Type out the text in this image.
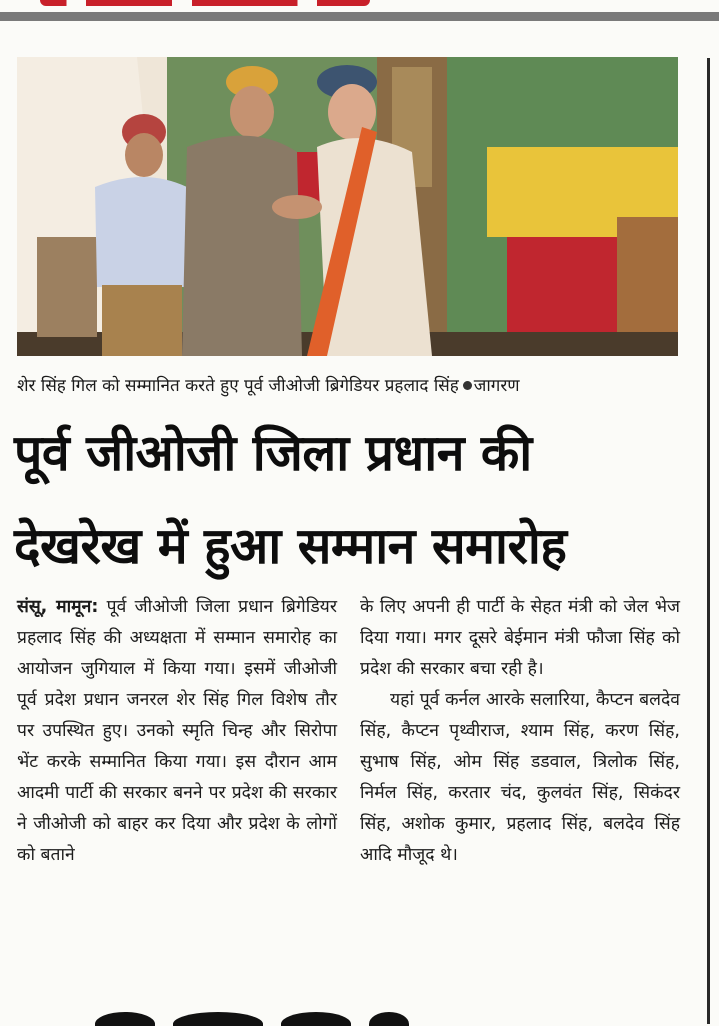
शेर सिंह गिल को सम्मानित करते हुए पूर्व जीओजी ब्रिगेडियर प्रहलाद सिंह जागरण
पूर्व जीओजी जिला प्रधान की
देखरेख में हुआ सम्मान समारोह

संसू, मामून: पूर्व जीओजी जिला प्रधान ब्रिगेडियर प्रहलाद सिंह की अध्यक्षता में सम्मान समारोह का आयोजन जुगियाल में किया गया। इसमें जीओजी पूर्व प्रदेश प्रधान जनरल शेर सिंह गिल विशेष तौर पर उपस्थित हुए। उनको स्मृति चिन्ह और सिरोपा भेंट करके सम्मानित किया गया। इस दौरान आम आदमी पार्टी की सरकार बनने पर प्रदेश की सरकार ने जीओजी को बाहर कर दिया और प्रदेश के लोगों को बताने

के लिए अपनी ही पार्टी के सेहत मंत्री को जेल भेज दिया गया। मगर दूसरे बेईमान मंत्री फौजा सिंह को प्रदेश की सरकार बचा रही है।

यहां पूर्व कर्नल आरके सलारिया, कैप्टन बलदेव सिंह, कैप्टन पृथ्वीराज, श्याम सिंह, करण सिंह, सुभाष सिंह, ओम सिंह डडवाल, त्रिलोक सिंह, निर्मल सिंह, करतार चंद, कुलवंत सिंह, सिकंदर सिंह, अशोक कुमार, प्रहलाद सिंह, बलदेव सिंह आदि मौजूद थे।
